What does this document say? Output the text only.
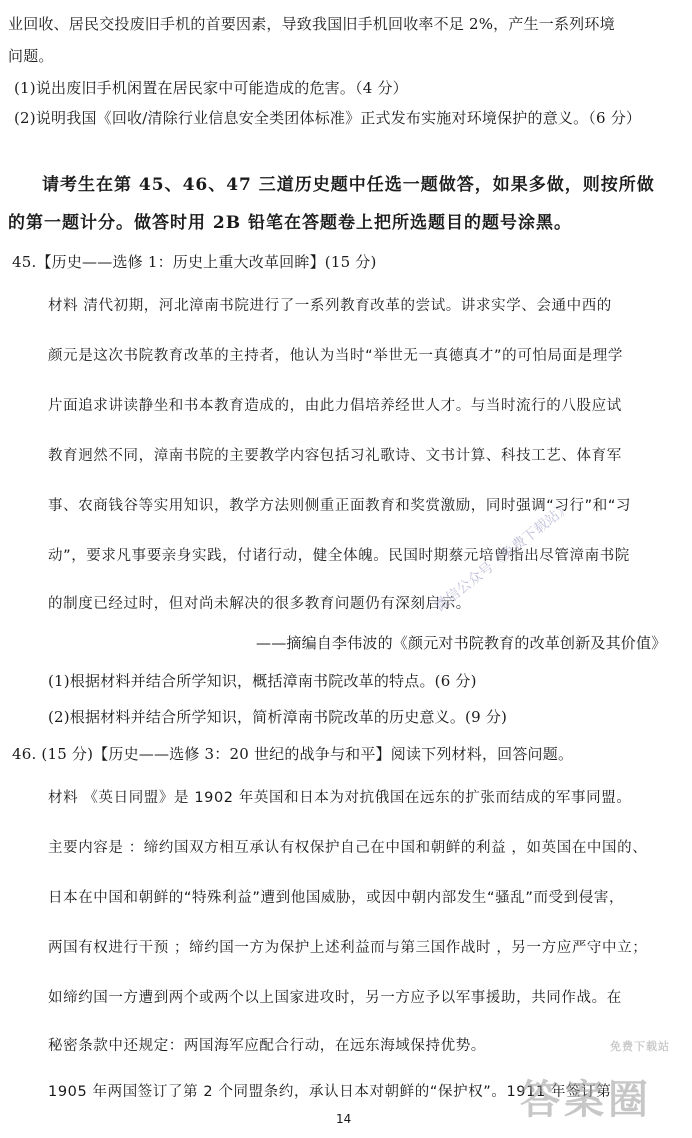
业回收、居民交投废旧手机的首要因素，导致我国旧手机回收率不足 2%，产生一系列环境
问题。
(1)说出废旧手机闲置在居民家中可能造成的危害。（4 分）
(2)说明我国《回收/清除行业信息安全类团体标准》正式发布实施对环境保护的意义。（6 分）
请考生在第 45、46、47 三道历史题中任选一题做答，如果多做，则按所做
的第一题计分。做答时用 2B 铅笔在答题卷上把所选题目的题号涂黑。
45.【历史——选修 1：历史上重大改革回眸】(15 分)
材料 清代初期，河北漳南书院进行了一系列教育改革的尝试。讲求实学、会通中西的
颜元是这次书院教育改革的主持者，他认为当时“举世无一真德真才”的可怕局面是理学
片面追求讲读静坐和书本教育造成的，由此力倡培养经世人才。与当时流行的八股应试
教育迥然不同，漳南书院的主要教学内容包括习礼歌诗、文书计算、科技工艺、体育军
事、农商钱谷等实用知识，教学方法则侧重正面教育和奖赏激励，同时强调“习行”和“习
动”，要求凡事要亲身实践，付诸行动，健全体魄。民国时期蔡元培曾指出尽管漳南书院
的制度已经过时，但对尚未解决的很多教育问题仍有深刻启示。
——摘编自李伟波的《颜元对书院教育的改革创新及其价值》
(1)根据材料并结合所学知识，概括漳南书院改革的特点。(6 分)
(2)根据材料并结合所学知识，简析漳南书院改革的历史意义。(9 分)
46. (15 分)【历史——选修 3：20 世纪的战争与和平】阅读下列材料，回答问题。
材料 《英日同盟》是 1902 年英国和日本为对抗俄国在远东的扩张而结成的军事同盟。
主要内容是 ：缔约国双方相互承认有权保护自己在中国和朝鲜的利益 ，如英国在中国的、
日本在中国和朝鲜的“特殊利益”遭到他国威胁，或因中朝内部发生“骚乱”而受到侵害，
两国有权进行干预 ；缔约国一方为保护上述利益而与第三国作战时 ，另一方应严守中立；
如缔约国一方遭到两个或两个以上国家进攻时，另一方应予以军事援助，共同作战。在
秘密条款中还规定：两国海军应配合行动，在远东海域保持优势。
1905 年两国签订了第 2 个同盟条约，承认日本对朝鲜的“保护权”。1911 年签订第
微信公众号《免费下载站》
免费下载站
答案圈
14
